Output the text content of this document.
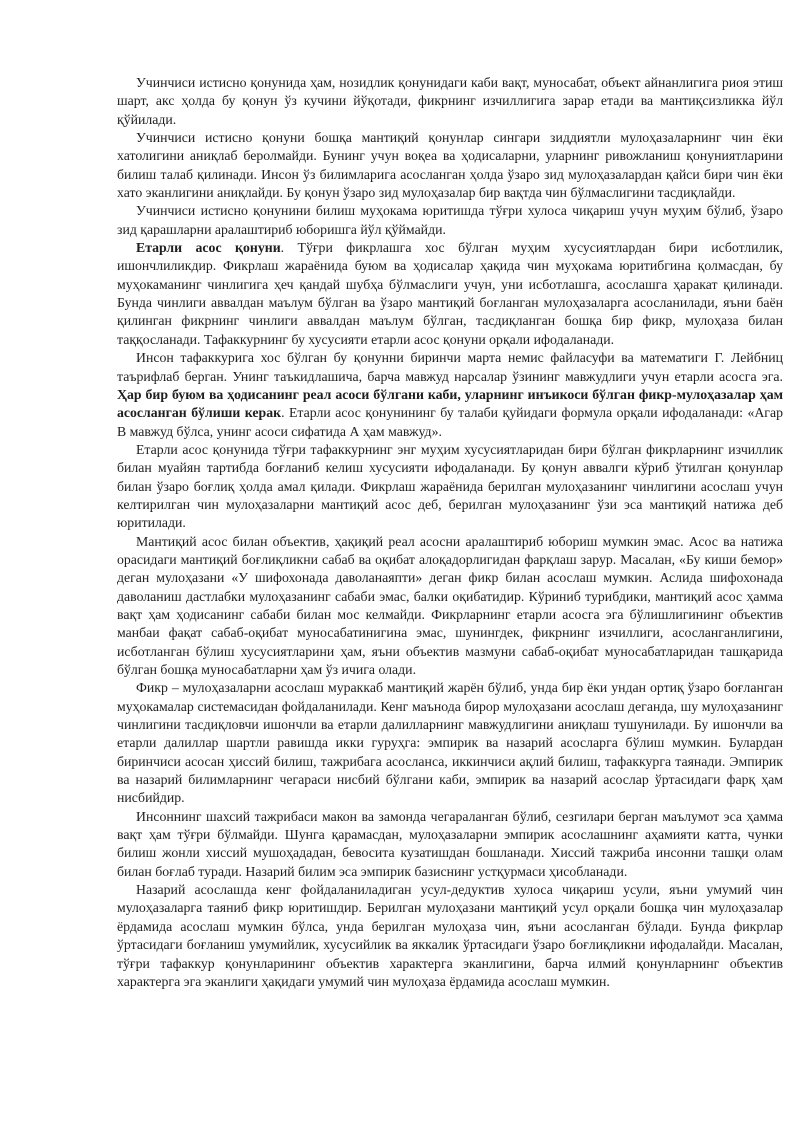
Учинчиси истисно қонунида ҳам, нозидлик қонунидаги каби вақт, муносабат, объект айнанлигига риоя этиш шарт, акс ҳолда бу қонун ўз кучини йўқотади, фикрнинг изчиллигига зарар етади ва мантиқсизликка йўл қўйилади.

Учинчиси истисно қонуни бошқа мантиқий қонунлар сингари зиддиятли мулоҳазаларнинг чин ёки хатолигини аниқлаб беролмайди. Бунинг учун воқеа ва ҳодисаларни, уларнинг ривожланиш қонуниятларини билиш талаб қилинади. Инсон ўз билимларига асосланган ҳолда ўзаро зид мулоҳазалардан қайси бири чин ёки хато эканлигини аниқлайди. Бу қонун ўзаро зид мулоҳазалар бир вақтда чин бўлмаслигини тасдиқлайди.

Учинчиси истисно қонунини билиш муҳокама юритишда тўғри хулоса чиқариш учун муҳим бўлиб, ўзаро зид қарашларни аралаштириб юборишга йўл қўймайди.

Етарли асос қонуни. Тўғри фикрлашга хос бўлган муҳим хусусиятлардан бири исботлилик, ишончлиликдир. Фикрлаш жараёнида буюм ва ҳодисалар ҳақида чин муҳокама юритибгина қолмасдан, бу муҳокаманинг чинлигига ҳеч қандай шубҳа бўлмаслиги учун, уни исботлашга, асослашга ҳаракат қилинади. Бунда чинлиги аввалдан маълум бўлган ва ўзаро мантиқий боғланган мулоҳазаларга асосланилади, яъни баён қилинган фикрнинг чинлиги аввалдан маълум бўлган, тасдиқланган бошқа бир фикр, мулоҳаза билан таққосланади. Тафаккурнинг бу хусусияти етарли асос қонуни орқали ифодаланади.

Инсон тафаккурига хос бўлган бу қонунни биринчи марта немис файласуфи ва математиги Г. Лейбниц таърифлаб берган. Унинг таъкидлашича, барча мавжуд нарсалар ўзининг мавжудлиги учун етарли асосга эга. Ҳар бир буюм ва ҳодисанинг реал асоси бўлгани каби, уларнинг инъикоси бўлган фикр-мулоҳазалар ҳам асосланган бўлиши керак. Етарли асос қонунининг бу талаби қуйидаги формула орқали ифодаланади: «Агар В мавжуд бўлса, унинг асоси сифатида А ҳам мавжуд».

Етарли асос қонунида тўғри тафаккурнинг энг муҳим хусусиятларидан бири бўлган фикрларнинг изчиллик билан муайян тартибда боғланиб келиш хусусияти ифодаланади. Бу қонун аввалги кўриб ўтилган қонунлар билан ўзаро боғлиқ ҳолда амал қилади. Фикрлаш жараёнида берилган мулоҳазанинг чинлигини асослаш учун келтирилган чин мулоҳазаларни мантиқий асос деб, берилган мулоҳазанинг ўзи эса мантиқий натижа деб юритилади.

Мантиқий асос билан объектив, ҳақиқий реал асосни аралаштириб юбориш мумкин эмас. Асос ва натижа орасидаги мантиқий боғлиқликни сабаб ва оқибат алоқадорлигидан фарқлаш зарур. Масалан, «Бу киши бемор» деган мулоҳазани «У шифохонада даволанаяпти» деган фикр билан асослаш мумкин. Аслида шифохонада даволаниш дастлабки мулоҳазанинг сабаби эмас, балки оқибатидир. Кўриниб турибдики, мантиқий асос ҳамма вақт ҳам ҳодисанинг сабаби билан мос келмайди. Фикрларнинг етарли асосга эга бўлишлигининг объектив манбаи фақат сабаб-оқибат муносабатинигина эмас, шунингдек, фикрнинг изчиллиги, асосланганлигини, исботланган бўлиш хусусиятларини ҳам, яъни объектив мазмуни сабаб-оқибат муносабатларидан ташқарида бўлган бошқа муносабатларни ҳам ўз ичига олади.

Фикр – мулоҳазаларни асослаш мураккаб мантиқий жарён бўлиб, унда бир ёки ундан ортиқ ўзаро боғланган муҳокамалар системасидан фойдаланилади. Кенг маънода бирор мулоҳазани асослаш деганда, шу мулоҳазанинг чинлигини тасдиқловчи ишончли ва етарли далилларнинг мавжудлигини аниқлаш тушунилади. Бу ишончли ва етарли далиллар шартли равишда икки гуруҳга: эмпирик ва назарий асосларга бўлиш мумкин. Булардан биринчиси асосан ҳиссий билиш, тажрибага асосланса, иккинчиси ақлий билиш, тафаккурга таянади. Эмпирик ва назарий билимларнинг чегараси нисбий бўлгани каби, эмпирик ва назарий асослар ўртасидаги фарқ ҳам нисбийдир.

Инсоннинг шахсий тажрибаси макон ва замонда чегараланган бўлиб, сезгилари берган маълумот эса ҳамма вақт ҳам тўғри бўлмайди. Шунга қарамасдан, мулоҳазаларни эмпирик асослашнинг аҳамияти катта, чунки билиш жонли хиссий мушоҳададан, бевосита кузатишдан бошланади. Хиссий тажриба инсонни ташқи олам билан боғлаб туради. Назарий билим эса эмпирик базиснинг устқурмаси ҳисобланади.

Назарий асослашда кенг фойдаланиладиган усул-дедуктив хулоса чиқариш усули, яъни умумий чин мулоҳазаларга таяниб фикр юритишдир. Берилган мулоҳазани мантиқий усул орқали бошқа чин мулоҳазалар ёрдамида асослаш мумкин бўлса, унда берилган мулоҳаза чин, яъни асосланган бўлади. Бунда фикрлар ўртасидаги боғланиш умумийлик, хусусийлик ва яккалик ўртасидаги ўзаро боғлиқликни ифодалайди. Масалан, тўғри тафаккур қонунларининг объектив характерга эканлигини, барча илмий қонунларнинг объектив характерга эга эканлиги ҳақидаги умумий чин мулоҳаза ёрдамида асослаш мумкин.
